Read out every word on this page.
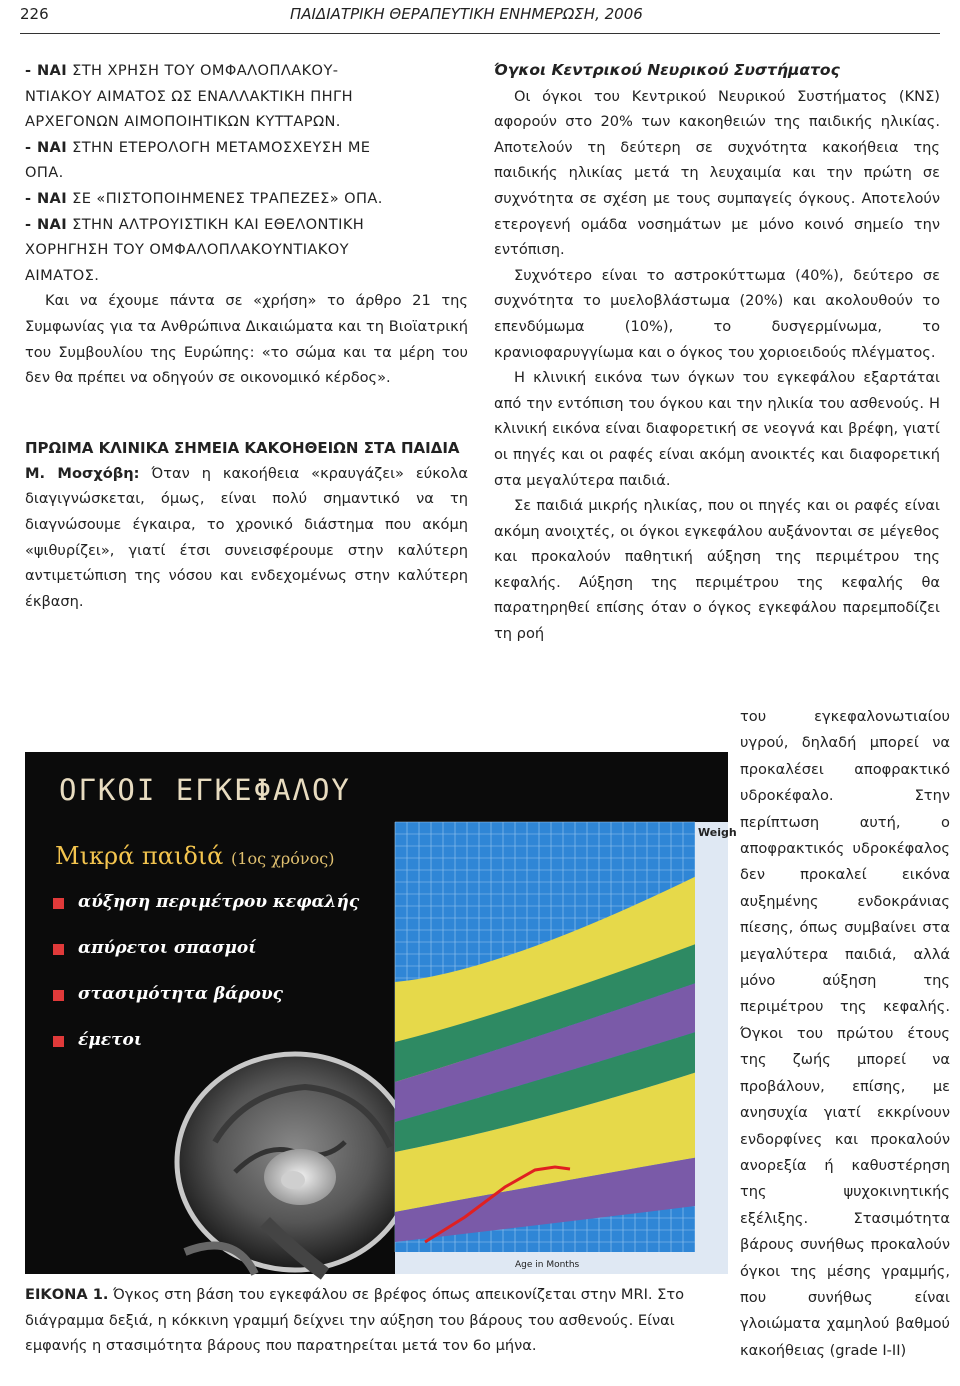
226	ΠΑΙΔΙΑΤΡΙΚΗ ΘΕΡΑΠΕΥΤΙΚΗ ΕΝΗΜΕΡΩΣΗ, 2006

- ΝΑΙ ΣΤΗ ΧΡΗΣΗ ΤΟΥ ΟΜΦΑΛΟΠΛΑΚΟΥ-

ΝΤΙΑΚΟΥ ΑΙΜΑΤΟΣ ΩΣ ΕΝΑΛΛΑΚΤΙΚΗ ΠΗΓΗ

ΑΡΧΕΓΟΝΩΝ ΑΙΜΟΠΟΙΗΤΙΚΩΝ ΚΥΤΤΑΡΩΝ.

- ΝΑΙ ΣΤΗΝ ΕΤΕΡΟΛΟΓΗ ΜΕΤΑΜΟΣΧΕΥΣΗ ΜΕ

ΟΠΑ.

- ΝΑΙ ΣΕ «ΠΙΣΤΟΠΟΙΗΜΕΝΕΣ ΤΡΑΠΕΖΕΣ» ΟΠΑ.

- ΝΑΙ ΣΤΗΝ ΑΛΤΡΟΥΙΣΤΙΚΗ ΚΑΙ ΕΘΕΛΟΝΤΙΚΗ

ΧΟΡΗΓΗΣΗ ΤΟΥ ΟΜΦΑΛΟΠΛΑΚΟΥΝΤΙΑΚΟΥ

ΑΙΜΑΤΟΣ.

Και να έχουμε πάντα σε «χρήση» το άρθρο 21 της Συμφωνίας για τα Ανθρώπινα Δικαιώματα και τη Βιοϊατρική του Συμβουλίου της Ευρώπης: «το σώμα και τα μέρη του δεν θα πρέπει να οδηγούν σε οικονομικό κέρδος».

ΠΡΩΙΜΑ ΚΛΙΝΙΚΑ ΣΗΜΕΙΑ ΚΑΚΟΗΘΕΙΩΝ ΣΤΑ ΠΑΙΔΙΑ

Μ. Μοσχόβη: Όταν η κακοήθεια «κραυγάζει» εύκολα διαγιγνώσκεται, όμως, είναι πολύ σημαντικό να τη διαγνώσουμε έγκαιρα, το χρονικό διάστημα που ακόμη «ψιθυρίζει», γιατί έτσι συνεισφέρουμε στην καλύτερη αντιμετώπιση της νόσου και ενδεχομένως στην καλύτερη έκβαση.

Όγκοι Κεντρικού Νευρικού Συστήματος

Οι όγκοι του Κεντρικού Νευρικού Συστήματος (ΚΝΣ) αφορούν στο 20% των κακοηθειών της παιδικής ηλικίας. Αποτελούν τη δεύτερη σε συχνότητα κακοήθεια της παιδικής ηλικίας μετά τη λευχαιμία και την πρώτη σε συχνότητα σε σχέση με τους συμπαγείς όγκους. Αποτελούν ετερογενή ομάδα νοσημάτων με μόνο κοινό σημείο την εντόπιση.

Συχνότερο είναι το αστροκύττωμα (40%), δεύτερο σε συχνότητα το μυελοβλάστωμα (20%) και ακολουθούν το επενδύμωμα (10%), το δυσγερμίνωμα, το κρανιοφαρυγγίωμα και ο όγκος του χοριοειδούς πλέγματος.

Η κλινική εικόνα των όγκων του εγκεφάλου εξαρτάται από την εντόπιση του όγκου και την ηλικία του ασθενούς. Η κλινική εικόνα είναι διαφορετική σε νεογνά και βρέφη, γιατί οι πηγές και οι ραφές είναι ακόμη ανοικτές και διαφορετική στα μεγαλύτερα παιδιά.

Σε παιδιά μικρής ηλικίας, που οι πηγές και οι ραφές είναι ακόμη ανοιχτές, οι όγκοι εγκεφάλου αυξάνονται σε μέγεθος και προκαλούν παθητική αύξηση της περιμέτρου της κεφαλής. Αύξηση της περιμέτρου της κεφαλής θα παρατηρηθεί επίσης όταν ο όγκος εγκεφάλου παρεμποδίζει τη ροή

του εγκεφαλονωτιαίου υγρού, δηλαδή μπορεί να προκαλέσει αποφρακτικό υδροκέφαλο. Στην περίπτωση αυτή, ο αποφρακτικός υδροκέφαλος δεν προκαλεί εικόνα αυξημένης ενδοκράνιας πίεσης, όπως συμβαίνει στα μεγαλύτερα παιδιά, αλλά μόνο αύξηση της περιμέτρου της κεφαλής. Όγκοι του πρώτου έτους της ζωής μπορεί να προβάλουν, επίσης, με ανησυχία γιατί εκκρίνουν ενδορφίνες και προκαλούν ανορεξία ή καθυστέρηση της ψυχοκινητικής εξέλιξης. Στασιμότητα βάρους συνήθως προκαλούν όγκοι της μέσης γραμμής, που συνήθως είναι γλοιώματα χαμηλού βαθμού κακοήθειας (grade I-II)

ΟΓΚΟΙ ΕΓΚΕΦΑΛΟΥ
Μικρά παιδιά (1ος χρόνος)
αύξηση περιμέτρου κεφαλής
απύρετοι σπασμοί
στασιμότητα βάρους
έμετοι
Weigh
Age in Months
ΕΙΚΟΝΑ 1. Όγκος στη βάση του εγκεφάλου σε βρέφος όπως απεικονίζεται στην MRI. Στο διάγραμμα δεξιά, η κόκκινη γραμμή δείχνει την αύξηση του βάρους του ασθενούς. Είναι εμφανής η στασιμότητα βάρους που παρατηρείται μετά τον 6ο μήνα.
